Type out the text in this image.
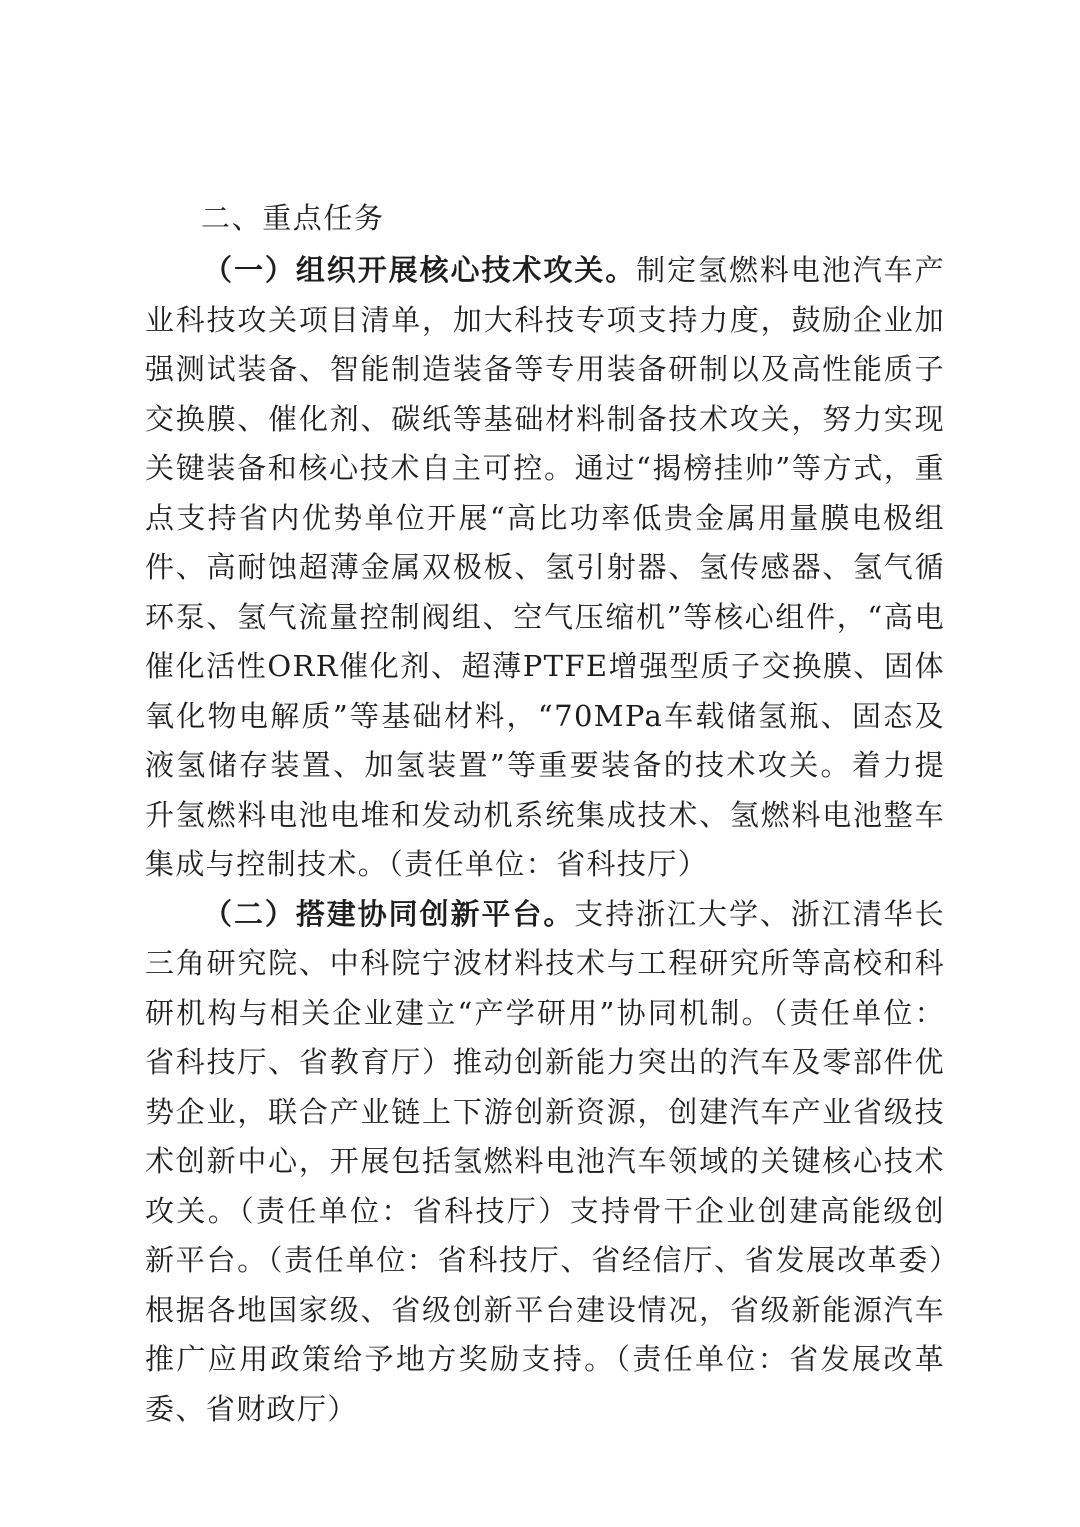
二、重点任务

（一）组织开展核心技术攻关。制定氢燃料电池汽车产业科技攻关项目清单，加大科技专项支持力度，鼓励企业加强测试装备、智能制造装备等专用装备研制以及高性能质子交换膜、催化剂、碳纸等基础材料制备技术攻关，努力实现关键装备和核心技术自主可控。通过“揭榜挂帅”等方式，重点支持省内优势单位开展“高比功率低贵金属用量膜电极组件、高耐蚀超薄金属双极板、氢引射器、氢传感器、氢气循环泵、氢气流量控制阀组、空气压缩机”等核心组件，“高电催化活性ORR催化剂、超薄PTFE增强型质子交换膜、固体氧化物电解质”等基础材料，“70MPa车载储氢瓶、固态及液氢储存装置、加氢装置”等重要装备的技术攻关。着力提升氢燃料电池电堆和发动机系统集成技术、氢燃料电池整车集成与控制技术。（责任单位：省科技厅）

（二）搭建协同创新平台。支持浙江大学、浙江清华长三角研究院、中科院宁波材料技术与工程研究所等高校和科研机构与相关企业建立“产学研用”协同机制。（责任单位：省科技厅、省教育厅）推动创新能力突出的汽车及零部件优势企业，联合产业链上下游创新资源，创建汽车产业省级技术创新中心，开展包括氢燃料电池汽车领域的关键核心技术攻关。（责任单位：省科技厅）支持骨干企业创建高能级创新平台。（责任单位：省科技厅、省经信厅、省发展改革委）根据各地国家级、省级创新平台建设情况，省级新能源汽车推广应用政策给予地方奖励支持。（责任单位：省发展改革委、省财政厅）
